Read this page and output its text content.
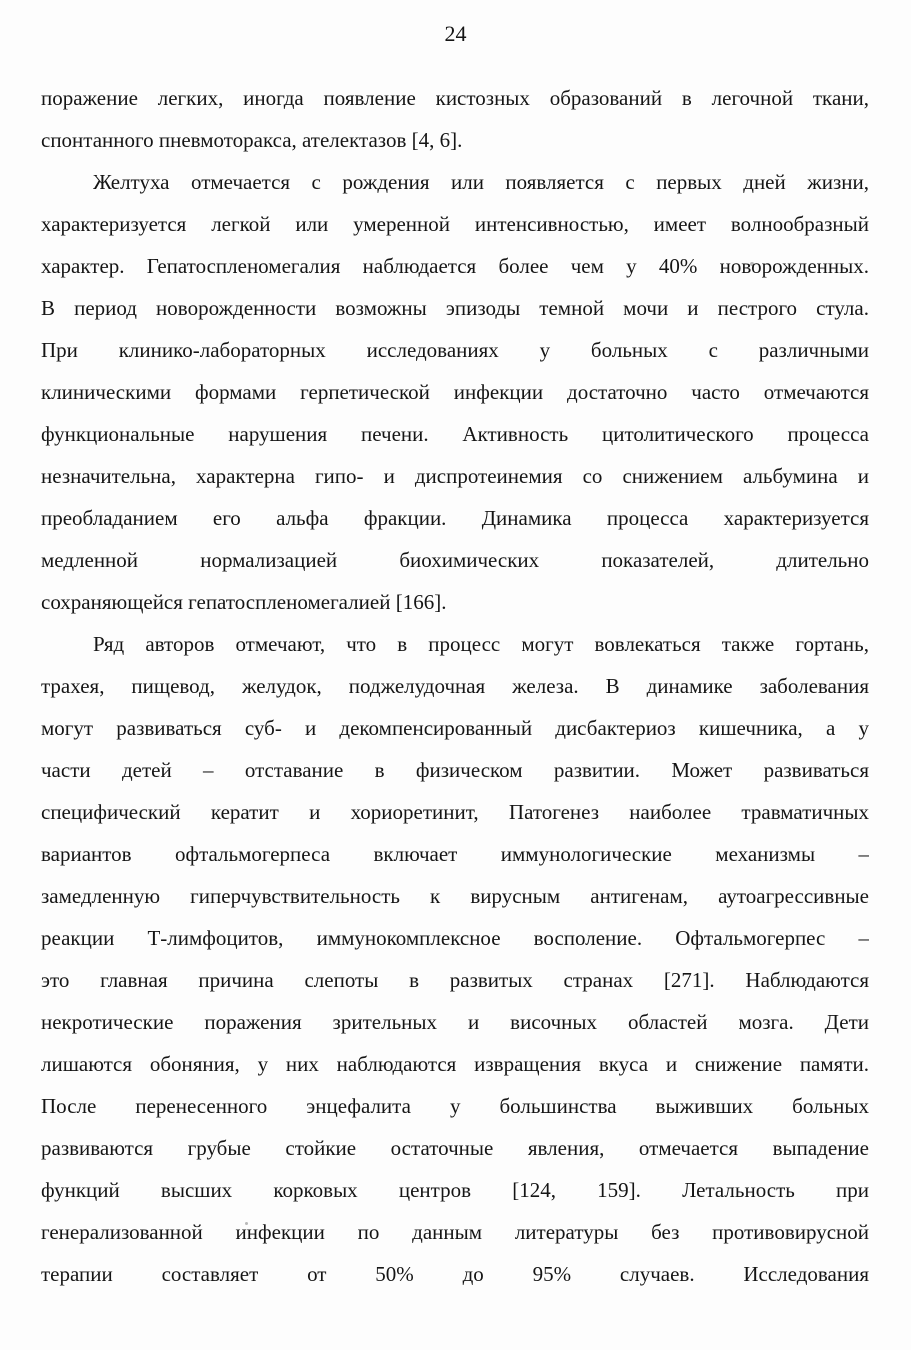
24
поражение легких, иногда появление кистозных образований в легочной ткани,
спонтанного пневмоторакса, ателектазов [4, 6].
Желтуха отмечается с рождения или появляется с первых дней жизни,
характеризуется легкой или умеренной интенсивностью, имеет волнообразный
характер. Гепатоспленомегалия наблюдается более чем у 40% новорожденных.
В период новорожденности возможны эпизоды темной мочи и пестрого стула.
При клинико-лабораторных исследованиях у больных с различными
клиническими формами герпетической инфекции достаточно часто отмечаются
функциональные нарушения печени. Активность цитолитического процесса
незначительна, характерна гипо- и диспротеинемия со снижением альбумина и
преобладанием его альфа фракции. Динамика процесса характеризуется
медленной нормализацией биохимических показателей, длительно
сохраняющейся гепатоспленомегалией [166].
Ряд авторов отмечают, что в процесс могут вовлекаться также гортань,
трахея, пищевод, желудок, поджелудочная железа. В динамике заболевания
могут развиваться суб- и декомпенсированный дисбактериоз кишечника, а у
части детей – отставание в физическом развитии. Может развиваться
специфический кератит и хориоретинит, Патогенез наиболее травматичных
вариантов офтальмогерпеса включает иммунологические механизмы –
замедленную гиперчувствительность к вирусным антигенам, аутоагрессивные
реакции Т-лимфоцитов, иммунокомплексное восполение. Офтальмогерпес –
это главная причина слепоты в развитых странах [271]. Наблюдаются
некротические поражения зрительных и височных областей мозга. Дети
лишаются обоняния, у них наблюдаются извращения вкуса и снижение памяти.
После перенесенного энцефалита у большинства выживших больных
развиваются грубые стойкие остаточные явления, отмечается выпадение
функций высших корковых центров [124, 159]. Летальность при
генерализованной инфекции по данным литературы без противовирусной
терапии составляет от 50% до 95% случаев. Исследования
